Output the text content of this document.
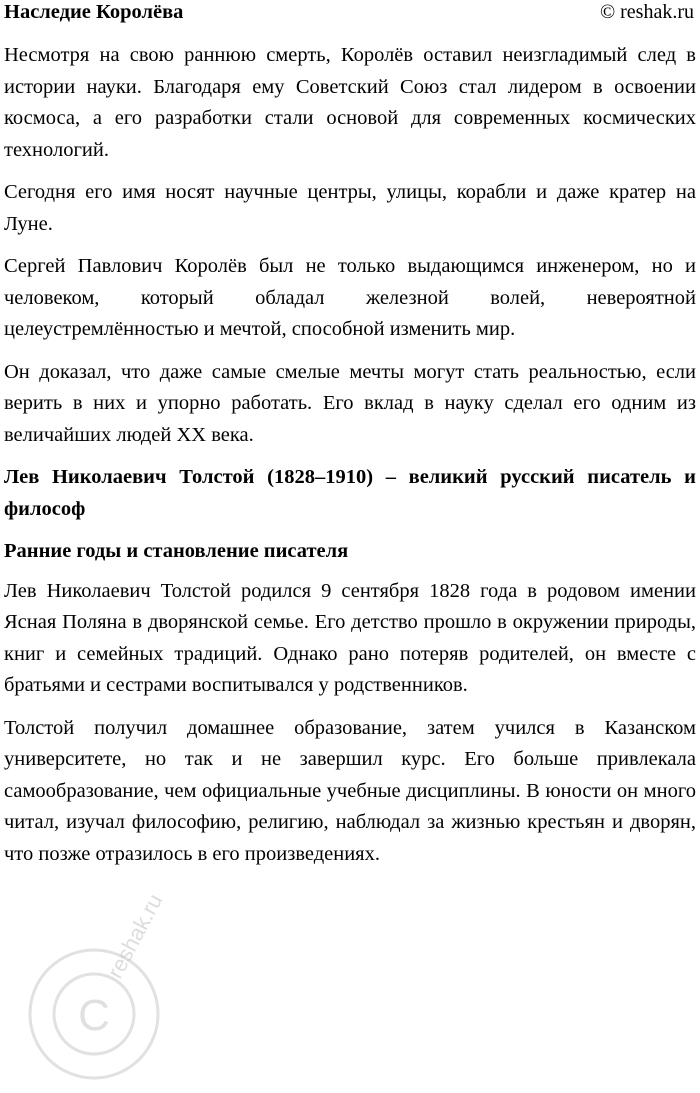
Наследие Королёва	© reshak.ru

Несмотря на свою раннюю смерть, Королёв оставил неизгладимый след в истории науки. Благодаря ему Советский Союз стал лидером в освоении космоса, а его разработки стали основой для современных космических технологий.

Сегодня его имя носят научные центры, улицы, корабли и даже кратер на Луне.

Сергей Павлович Королёв был не только выдающимся инженером, но и человеком, который обладал железной волей, невероятной целеустремлённостью и мечтой, способной изменить мир.

Он доказал, что даже самые смелые мечты могут стать реальностью, если верить в них и упорно работать. Его вклад в науку сделал его одним из величайших людей XX века.

Лев Николаевич Толстой (1828–1910) – великий русский писатель и философ
Ранние годы и становление писателя

Лев Николаевич Толстой родился 9 сентября 1828 года в родовом имении Ясная Поляна в дворянской семье. Его детство прошло в окружении природы, книг и семейных традиций. Однако рано потеряв родителей, он вместе с братьями и сестрами воспитывался у родственников.

Толстой получил домашнее образование, затем учился в Казанском университете, но так и не завершил курс. Его больше привлекала самообразование, чем официальные учебные дисциплины. В юности он много читал, изучал философию, религию, наблюдал за жизнью крестьян и дворян, что позже отразилось в его произведениях.

C
reshak.ru
